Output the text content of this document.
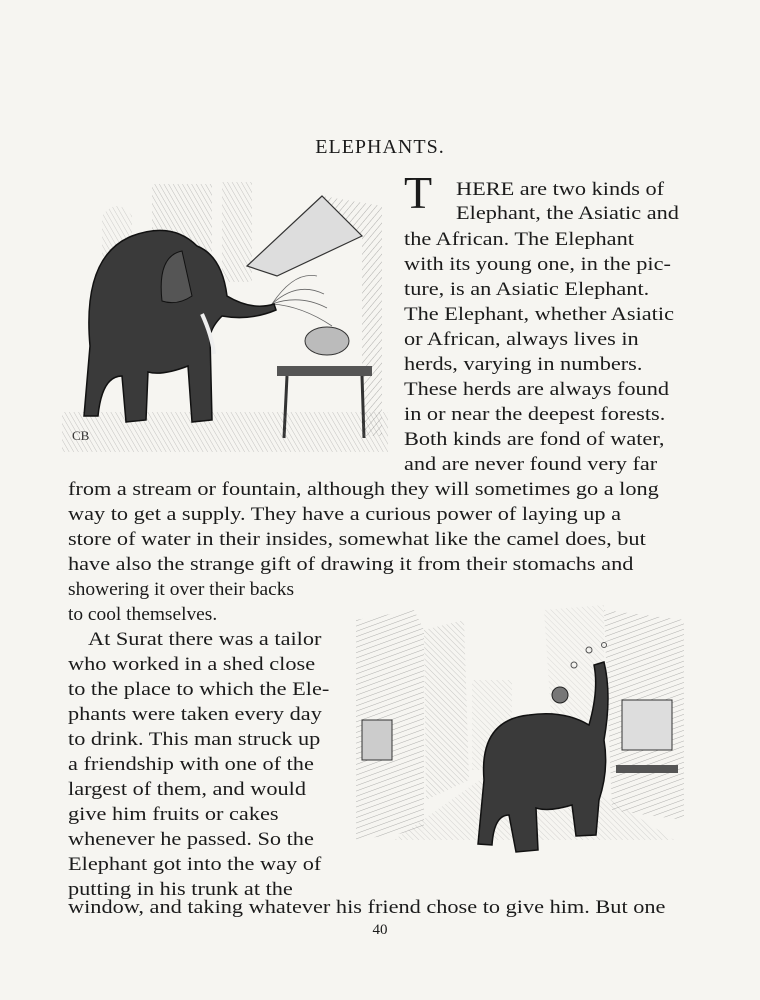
ELEPHANTS.
CB
T HERE are two kinds of
Elephant, the Asiatic and
the African. The Elephant
with its young one, in the pic-
ture, is an Asiatic Elephant.
The Elephant, whether Asiatic
or African, always lives in
herds, varying in numbers.
These herds are always found
in or near the deepest forests.
Both kinds are fond of water,
and are never found very far
from a stream or fountain, although they will sometimes go a long
way to get a supply. They have a curious power of laying up a
store of water in their insides, somewhat like the camel does, but
have also the strange gift of drawing it from their stomachs and
showering it over their backs
to cool themselves.
At Surat there was a tailor
who worked in a shed close
to the place to which the Ele-
phants were taken every day
to drink. This man struck up
a friendship with one of the
largest of them, and would
give him fruits or cakes
whenever he passed. So the
Elephant got into the way of
putting in his trunk at the
window, and taking whatever his friend chose to give him. But one
40
